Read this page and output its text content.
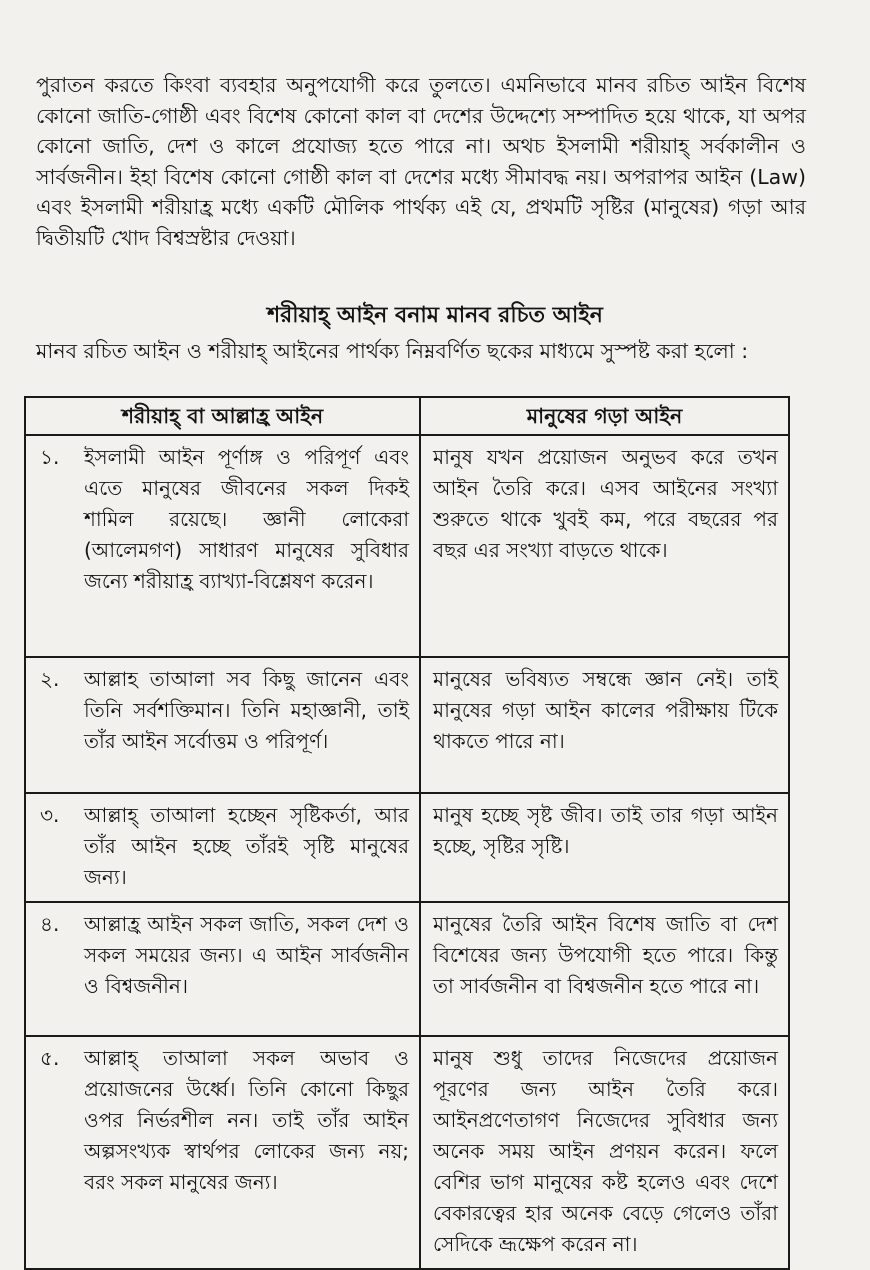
পুরাতন করতে কিংবা ব্যবহার অনুপযোগী করে তুলতে। এমনিভাবে মানব রচিত আইন বিশেষ কোনো জাতি-গোষ্ঠী এবং বিশেষ কোনো কাল বা দেশের উদ্দেশ্যে সম্পাদিত হয়ে থাকে, যা অপর কোনো জাতি, দেশ ও কালে প্রযোজ্য হতে পারে না। অথচ ইসলামী শরীয়াহ্ সর্বকালীন ও সার্বজনীন। ইহা বিশেষ কোনো গোষ্ঠী কাল বা দেশের মধ্যে সীমাবদ্ধ নয়। অপরাপর আইন (Law) এবং ইসলামী শরীয়াহ্র মধ্যে একটি মৌলিক পার্থক্য এই যে, প্রথমটি সৃষ্টির (মানুষের) গড়া আর দ্বিতীয়টি খোদ বিশ্বস্রষ্টার দেওয়া।

শরীয়াহ্ আইন বনাম মানব রচিত আইন

মানব রচিত আইন ও শরীয়াহ্ আইনের পার্থক্য নিম্নবর্ণিত ছকের মাধ্যমে সুস্পষ্ট করা হলো :

শরীয়াহ্ বা আল্লাহ্র আইন	মানুষের গড়া আইন

১. ইসলামী আইন পূর্ণাঙ্গ ও পরিপূর্ণ এবং এতে মানুষের জীবনের সকল দিকই শামিল রয়েছে। জ্ঞানী লোকেরা (আলেমগণ) সাধারণ মানুষের সুবিধার জন্যে শরীয়াহ্র ব্যাখ্যা-বিশ্লেষণ করেন।	মানুষ যখন প্রয়োজন অনুভব করে তখন আইন তৈরি করে। এসব আইনের সংখ্যা শুরুতে থাকে খুবই কম, পরে বছরের পর বছর এর সংখ্যা বাড়তে থাকে।

২. আল্লাহ তাআলা সব কিছু জানেন এবং তিনি সর্বশক্তিমান। তিনি মহাজ্ঞানী, তাই তাঁর আইন সর্বোত্তম ও পরিপূর্ণ।	মানুষের ভবিষ্যত সম্বন্ধে জ্ঞান নেই। তাই মানুষের গড়া আইন কালের পরীক্ষায় টিকে থাকতে পারে না।

৩. আল্লাহ্ তাআলা হচ্ছেন সৃষ্টিকর্তা, আর তাঁর আইন হচ্ছে তাঁরই সৃষ্টি মানুষের জন্য।	মানুষ হচ্ছে সৃষ্ট জীব। তাই তার গড়া আইন হচ্ছে, সৃষ্টির সৃষ্টি।

৪. আল্লাহ্র আইন সকল জাতি, সকল দেশ ও সকল সময়ের জন্য। এ আইন সার্বজনীন ও বিশ্বজনীন।	মানুষের তৈরি আইন বিশেষ জাতি বা দেশ বিশেষের জন্য উপযোগী হতে পারে। কিন্তু তা সার্বজনীন বা বিশ্বজনীন হতে পারে না।

৫. আল্লাহ্ তাআলা সকল অভাব ও প্রয়োজনের উর্ধ্বে। তিনি কোনো কিছুর ওপর নির্ভরশীল নন। তাই তাঁর আইন অল্পসংখ্যক স্বার্থপর লোকের জন্য নয়; বরং সকল মানুষের জন্য।	মানুষ শুধু তাদের নিজেদের প্রয়োজন পূরণের জন্য আইন তৈরি করে। আইনপ্রণেতাগণ নিজেদের সুবিধার জন্য অনেক সময় আইন প্রণয়ন করেন। ফলে বেশির ভাগ মানুষের কষ্ট হলেও এবং দেশে বেকারত্বের হার অনেক বেড়ে গেলেও তাঁরা সেদিকে ভ্রূক্ষেপ করেন না।
